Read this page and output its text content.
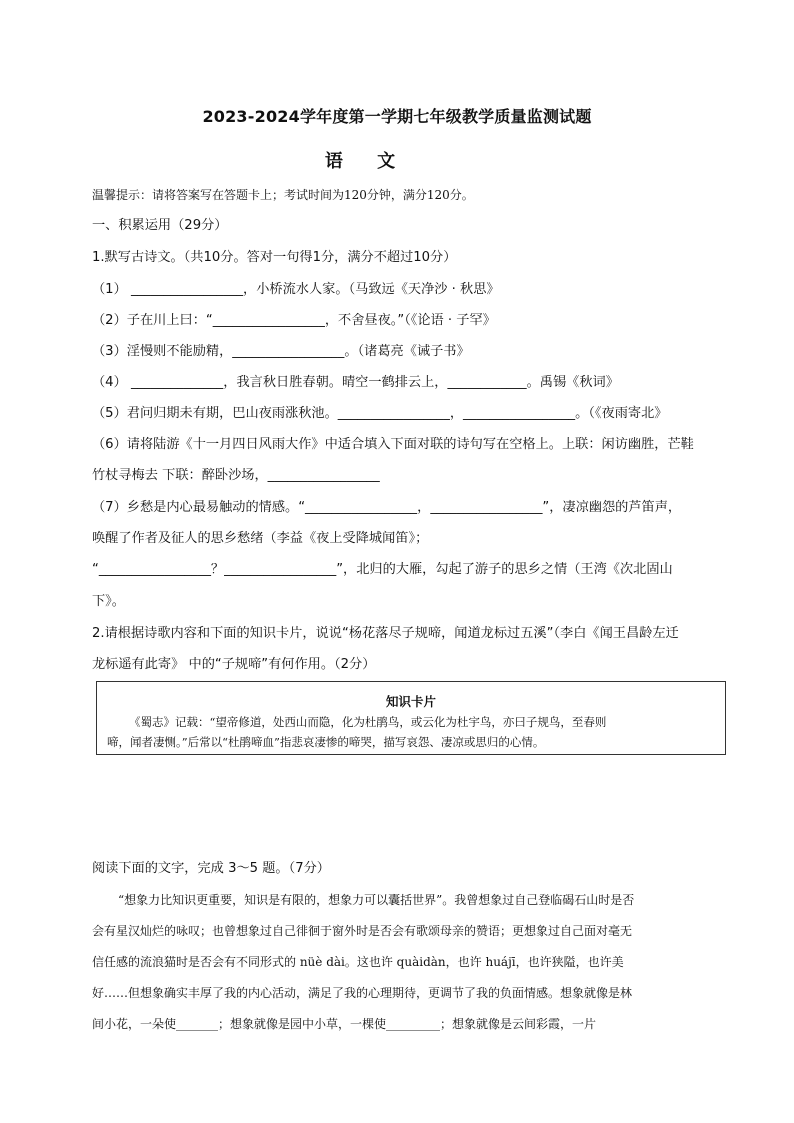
2023-2024学年度第一学期七年级教学质量监测试题
语 文
温馨提示：请将答案写在答题卡上；考试时间为120分钟，满分120分。
一、积累运用（29分）
1.默写古诗文。（共10分。答对一句得1分，满分不超过10分）
（1） _________________，小桥流水人家。（马致远《天净沙 · 秋思》
（2）子在川上曰：“_________________，不舍昼夜。”（《论语 · 子罕》
（3）淫慢则不能励精，_________________。（诸葛亮《诫子书》
（4） ______________，我言秋日胜春朝。晴空一鹤排云上，____________。禹锡《秋词》
（5）君问归期未有期，巴山夜雨涨秋池。_________________，_________________。（《夜雨寄北》
（6）请将陆游《十一月四日风雨大作》中适合填入下面对联的诗句写在空格上。上联：闲访幽胜，芒鞋
竹杖寻梅去 下联：醉卧沙场，_________________
（7）乡愁是内心最易触动的情感。“_________________，_________________”，凄凉幽怨的芦笛声，
唤醒了作者及征人的思乡愁绪（李益《夜上受降城闻笛》；
“_________________？_________________”，北归的大雁，勾起了游子的思乡之情（王湾《次北固山
下》。
2.请根据诗歌内容和下面的知识卡片，说说“杨花落尽子规啼，闻道龙标过五溪”（李白《闻王昌龄左迁
龙标遥有此寄》 中的“子规啼”有何作用。（2分）
知识卡片
《蜀志》记载：“望帝修道，处西山而隐，化为杜鹃鸟，或云化为杜宇鸟，亦曰子规鸟，至春则
啼，闻者凄恻。”后常以“杜鹃啼血”指悲哀凄惨的啼哭，描写哀怨、凄凉或思归的心情。
阅读下面的文字，完成 3～5 题。（7分）
“想象力比知识更重要，知识是有限的，想象力可以囊括世界”。我曾想象过自己登临碣石山时是否
会有星汉灿烂的咏叹；也曾想象过自己徘徊于窗外时是否会有歌颂母亲的赞语；更想象过自己面对毫无
信任感的流浪猫时是否会有不同形式的 nüè dài。这也许 quàidàn，也许 huájī，也许狭隘，也许美
好……但想象确实丰厚了我的内心活动，满足了我的心理期待，更调节了我的负面情感。想象就像是林
间小花，一朵使_______；想象就像是园中小草，一棵使_________；想象就像是云间彩霞，一片
